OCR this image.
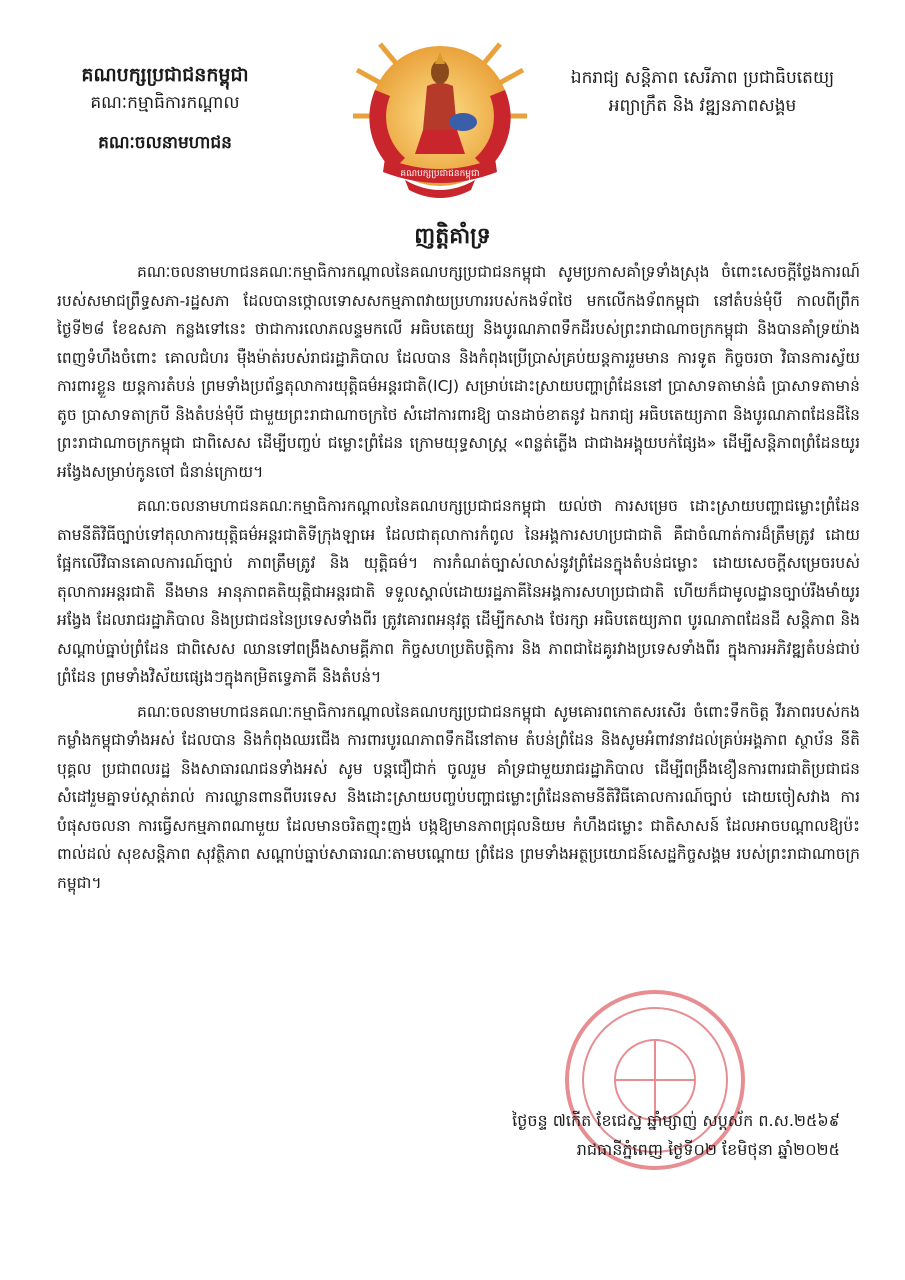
គណបក្សប្រជាជនកម្ពុជា
គណៈកម្មាធិការកណ្ដាល
គណៈចលនាមហាជន
គណបក្សប្រជាជនកម្ពុជា
ឯករាជ្យ សន្តិភាព សេរីភាព ប្រជាធិបតេយ្យ
អព្យាក្រឹត និង វឌ្ឍនភាពសង្គម
ញត្តិគាំទ្រ

គណៈចលនាមហាជនគណៈកម្មាធិការកណ្ដាលនៃគណបក្សប្រជាជនកម្ពុជា សូមប្រកាសគាំទ្រទាំងស្រុង ចំពោះសេចក្ដីថ្លែងការណ៍របស់សមាជព្រឹទ្ធសភា-រដ្ឋសភា ដែលបានថ្កោលទោសសកម្មភាពវាយប្រហាររបស់កងទ័ពថៃ មកលើកងទ័ពកម្ពុជា នៅតំបន់មុំបី កាលពីព្រឹកថ្ងៃទី២៨ ខែឧសភា កន្លងទៅនេះ ថាជាការលោភលន្ទមកលើ អធិបតេយ្យ និងបូរណភាពទឹកដីរបស់ព្រះរាជាណាចក្រកម្ពុជា និងបានគាំទ្រយ៉ាងពេញទំហឹងចំពោះ គោលជំហរ ម៉ឺងម៉ាត់របស់រាជរដ្ឋាភិបាល ដែលបាន និងកំពុងប្រើប្រាស់គ្រប់យន្តការរួមមាន ការទូត កិច្ចចរចា វិធានការស្វ័យ ការពារខ្លួន យន្តការតំបន់ ព្រមទាំងប្រព័ន្ធតុលាការយុត្តិធម៌អន្តរជាតិ(ICJ) សម្រាប់ដោះស្រាយបញ្ហាព្រំដែននៅ ប្រាសាទតាមាន់ធំ ប្រាសាទតាមាន់តូច ប្រាសាទតាក្របី និងតំបន់មុំបី ជាមួយព្រះរាជាណាចក្រថៃ សំដៅការពារឱ្យ បានដាច់ខាតនូវ ឯករាជ្យ អធិបតេយ្យភាព និងបូរណភាពដែនដីនៃព្រះរាជាណាចក្រកម្ពុជា ជាពិសេស ដើម្បីបញ្ចប់ ជម្លោះព្រំដែន ក្រោមយុទ្ធសាស្ត្រ «ពន្លត់ភ្លើង ជាជាងអង្គុយបក់ផ្សែង» ដើម្បីសន្តិភាពព្រំដែនយូរអង្វែងសម្រាប់កូនចៅ ជំនាន់ក្រោយ។

គណៈចលនាមហាជនគណៈកម្មាធិការកណ្ដាលនៃគណបក្សប្រជាជនកម្ពុជា យល់ថា ការសម្រេច ដោះស្រាយបញ្ហាជម្លោះព្រំដែន តាមនីតិវិធីច្បាប់ទៅតុលាការយុត្តិធម៌អន្តរជាតិទីក្រុងឡាអេ ដែលជាតុលាការកំពូល នៃអង្គការសហប្រជាជាតិ គឺជាចំណាត់ការដ៏ត្រឹមត្រូវ ដោយផ្អែកលើវិធានគោលការណ៍ច្បាប់ ភាពត្រឹមត្រូវ និង យុត្តិធម៌។ ការកំណត់ច្បាស់លាស់នូវព្រំដែនក្នុងតំបន់ជម្លោះ ដោយសេចក្ដីសម្រេចរបស់តុលាការអន្តរជាតិ នឹងមាន អានុភាពគតិយុត្តិជាអន្តរជាតិ ទទួលស្គាល់ដោយរដ្ឋភាគីនៃអង្គការសហប្រជាជាតិ ហើយក៏ជាមូលដ្ឋានច្បាប់រឹងមាំយូរ អង្វែង ដែលរាជរដ្ឋាភិបាល និងប្រជាជននៃប្រទេសទាំងពីរ ត្រូវគោរពអនុវត្ត ដើម្បីកសាង ថែរក្សា អធិបតេយ្យភាព បូរណភាពដែនដី សន្តិភាព និងសណ្ដាប់ធ្នាប់ព្រំដែន ជាពិសេស ឈានទៅពង្រឹងសាមគ្គីភាព កិច្ចសហប្រតិបត្តិការ និង ភាពជាដៃគូរវាងប្រទេសទាំងពីរ ក្នុងការអភិវឌ្ឍតំបន់ជាប់ព្រំដែន ព្រមទាំងវិស័យផ្សេងៗក្នុងកម្រិតទ្វេភាគី និងតំបន់។

គណៈចលនាមហាជនគណៈកម្មាធិការកណ្ដាលនៃគណបក្សប្រជាជនកម្ពុជា សូមគោរពកោតសរសើរ ចំពោះទឹកចិត្ត វីរភាពរបស់កងកម្លាំងកម្ពុជាទាំងអស់ ដែលបាន និងកំពុងឈរជើង ការពារបូរណភាពទឹកដីនៅតាម តំបន់ព្រំដែន និងសូមអំពាវនាវដល់គ្រប់អង្គភាព ស្ថាប័ន នីតិបុគ្គល ប្រជាពលរដ្ឋ និងសាធារណជនទាំងអស់ សូម បន្តជឿជាក់ ចូលរួម គាំទ្រជាមួយរាជរដ្ឋាភិបាល ដើម្បីពង្រឹងខឿនការពារជាតិប្រជាជន សំដៅរួមគ្នាទប់ស្កាត់រាល់ ការឈ្លានពានពីបរទេស និងដោះស្រាយបញ្ចប់បញ្ហាជម្លោះព្រំដែនតាមនីតិវិធីគោលការណ៍ច្បាប់ ដោយចៀសវាង ការបំផុសចលនា ការធ្វើសកម្មភាពណាមួយ ដែលមានចរិតញុះញង់ បង្កឱ្យមានភាពជ្រុលនិយម កំហឹងជម្លោះ ជាតិសាសន៍ ដែលអាចបណ្ដាលឱ្យប៉ះពាល់ដល់ សុខសន្តិភាព សុវត្ថិភាព សណ្ដាប់ធ្នាប់សាធារណៈតាមបណ្ដោយ ព្រំដែន ព្រមទាំងអត្ថប្រយោជន៍សេដ្ឋកិច្ចសង្គម របស់ព្រះរាជាណាចក្រកម្ពុជា។

ថ្ងៃចន្ទ ៧កើត ខែជេស្ឋ ឆ្នាំម្សាញ់ សប្តស័ក ព.ស.២៥៦៩
រាជធានីភ្នំពេញ ថ្ងៃទី០២ ខែមិថុនា ឆ្នាំ២០២៥
